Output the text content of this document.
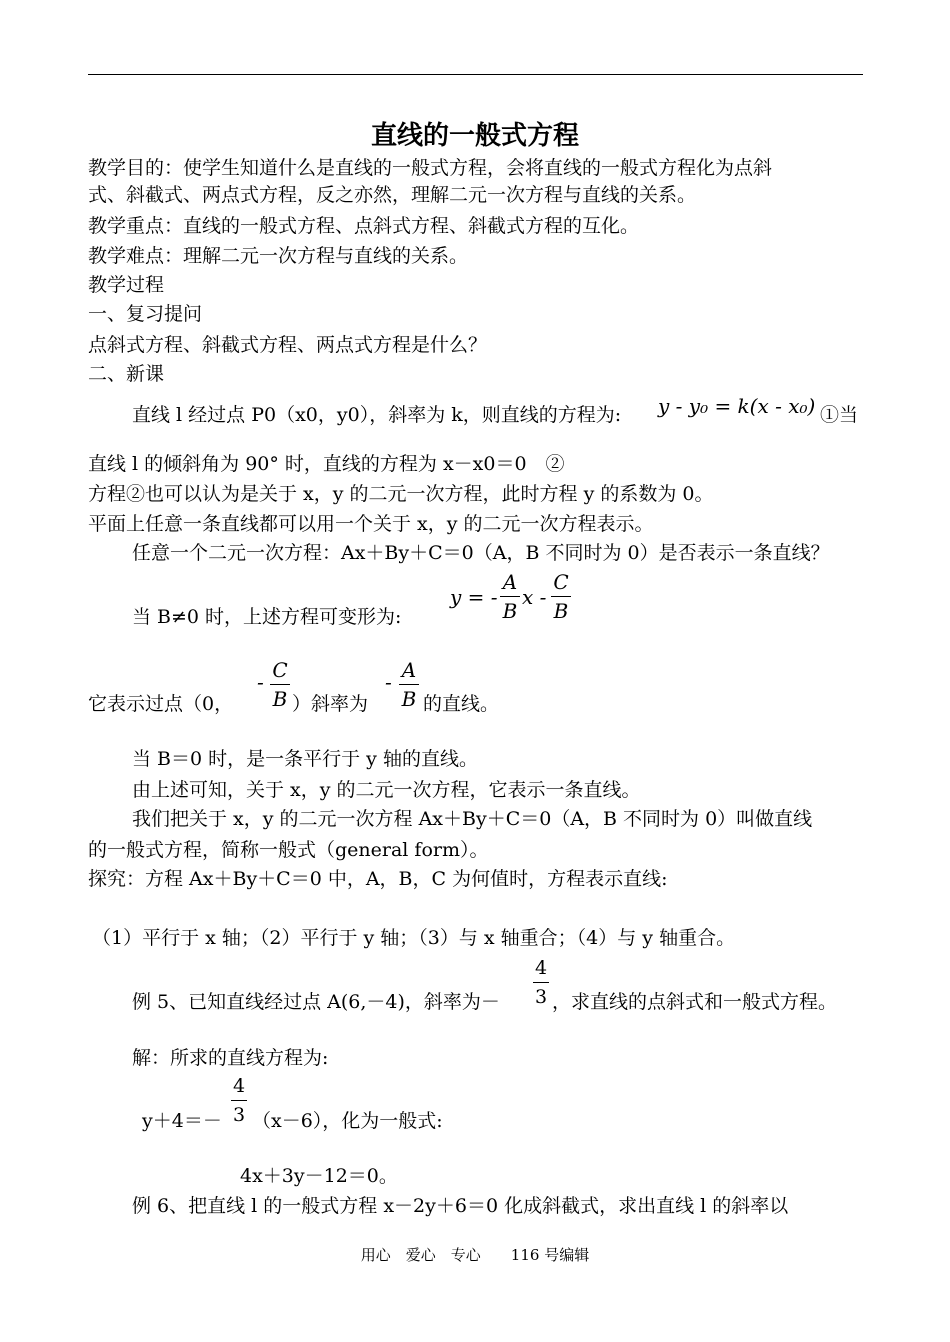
直线的一般式方程
教学目的：使学生知道什么是直线的一般式方程，会将直线的一般式方程化为点斜
式、斜截式、两点式方程，反之亦然，理解二元一次方程与直线的关系。
教学重点：直线的一般式方程、点斜式方程、斜截式方程的互化。
教学难点：理解二元一次方程与直线的关系。
教学过程
一、复习提问
点斜式方程、斜截式方程、两点式方程是什么？
二、新课
直线 l 经过点 P0（x0，y0），斜率为 k，则直线的方程为: y - y₀ = k(x - x₀) ①当
直线 l 的倾斜角为 90° 时，直线的方程为 x－x0＝0　②
方程②也可以认为是关于 x，y 的二元一次方程，此时方程 y 的系数为 0。
平面上任意一条直线都可以用一个关于 x，y 的二元一次方程表示。
任意一个二元一次方程：Ax＋By＋C＝0（A，B 不同时为 0）是否表示一条直线？
当 B≠0 时，上述方程可变形为:
y = -
A
B
x -
C
B
它表示过点（0，
- C
B ）斜率为
- A
B 的直线。
当 B＝0 时，是一条平行于 y 轴的直线。
由上述可知，关于 x，y 的二元一次方程，它表示一条直线。
我们把关于 x，y 的二元一次方程 Ax＋By＋C＝0（A，B 不同时为 0）叫做直线
的一般式方程，简称一般式（general form）。
探究：方程 Ax＋By＋C＝0 中，A，B，C 为何值时，方程表示直线:
（1）平行于 x 轴；（2）平行于 y 轴；（3）与 x 轴重合；（4）与 y 轴重合。
例 5、已知直线经过点 A(6,－4)，斜率为－
4
3 ，求直线的点斜式和一般式方程。
解：所求的直线方程为:
y＋4＝－
4
3 （x－6），化为一般式:
4x＋3y－12＝0。
例 6、把直线 l 的一般式方程 x－2y＋6＝0 化成斜截式，求出直线 l 的斜率以
用心　爱心　专心　　116 号编辑
